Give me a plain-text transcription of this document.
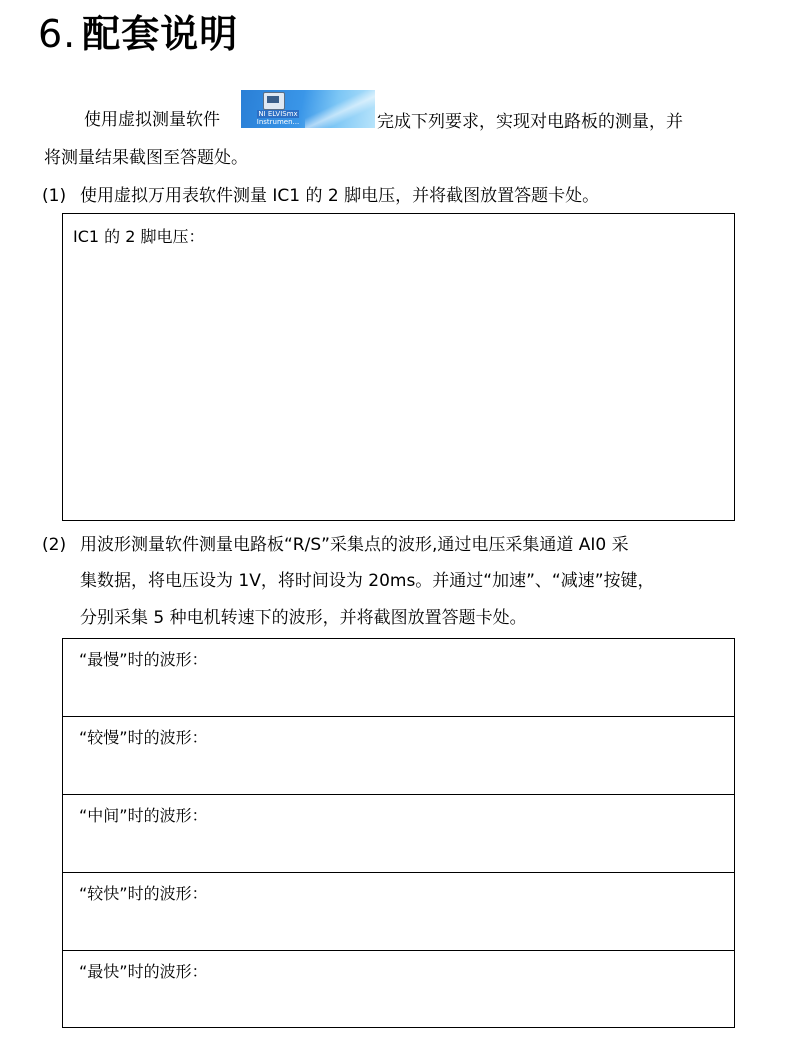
6. 配套说明
使用虚拟测量软件	NI ELVISmx
Instrumen...	完成下列要求，实现对电路板的测量，并
将测量结果截图至答题处。
(1) 使用虚拟万用表软件测量 IC1 的 2 脚电压，并将截图放置答题卡处。
IC1 的 2 脚电压：
(2) 用波形测量软件测量电路板“R/S”采集点的波形,通过电压采集通道 AI0 采
集数据，将电压设为 1V，将时间设为 20ms。并通过“加速”、“减速”按键，
分别采集 5 种电机转速下的波形，并将截图放置答题卡处。
“最慢”时的波形：
“较慢”时的波形：
“中间”时的波形：
“较快”时的波形：
“最快”时的波形：
